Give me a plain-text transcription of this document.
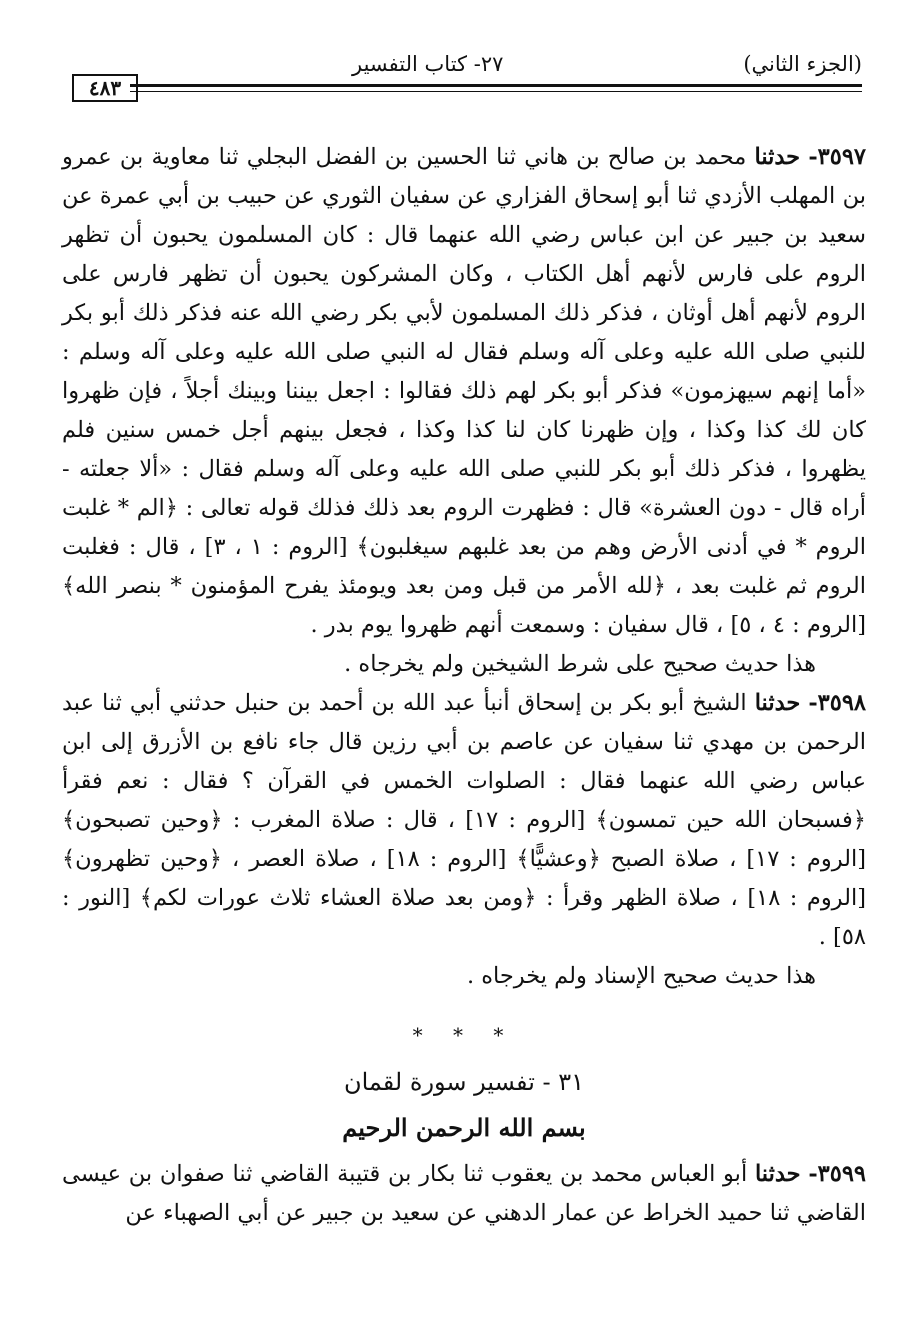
(الجزء الثاني)
٢٧- كتاب التفسير
٤٨٣

٣٥٩٧- حدثنا محمد بن صالح بن هاني ثنا الحسين بن الفضل البجلي ثنا معاوية بن عمرو بن المهلب الأزدي ثنا أبو إسحاق الفزاري عن سفيان الثوري عن حبيب بن أبي عمرة عن سعيد بن جبير عن ابن عباس رضي الله عنهما قال : كان المسلمون يحبون أن تظهر الروم على فارس لأنهم أهل الكتاب ، وكان المشركون يحبون أن تظهر فارس على الروم لأنهم أهل أوثان ، فذكر ذلك المسلمون لأبي بكر رضي الله عنه فذكر ذلك أبو بكر للنبي صلى الله عليه وعلى آله وسلم فقال له النبي صلى الله عليه وعلى آله وسلم : «أما إنهم سيهزمون» فذكر أبو بكر لهم ذلك فقالوا : اجعل بيننا وبينك أجلاً ، فإن ظهروا كان لك كذا وكذا ، وإن ظهرنا كان لنا كذا وكذا ، فجعل بينهم أجل خمس سنين فلم يظهروا ، فذكر ذلك أبو بكر للنبي صلى الله عليه وعلى آله وسلم فقال : «ألا جعلته - أراه قال - دون العشرة» قال : فظهرت الروم بعد ذلك فذلك قوله تعالى : ﴿الم * غلبت الروم * في أدنى الأرض وهم من بعد غلبهم سيغلبون﴾ [الروم : ١ ، ٣] ، قال : فغلبت الروم ثم غلبت بعد ، ﴿لله الأمر من قبل ومن بعد ويومئذ يفرح المؤمنون * بنصر الله﴾ [الروم : ٤ ، ٥] ، قال سفيان : وسمعت أنهم ظهروا يوم بدر .

هذا حديث صحيح على شرط الشيخين ولم يخرجاه .

٣٥٩٨- حدثنا الشيخ أبو بكر بن إسحاق أنبأ عبد الله بن أحمد بن حنبل حدثني أبي ثنا عبد الرحمن بن مهدي ثنا سفيان عن عاصم بن أبي رزين قال جاء نافع بن الأزرق إلى ابن عباس رضي الله عنهما فقال : الصلوات الخمس في القرآن ؟ فقال : نعم فقرأ ﴿فسبحان الله حين تمسون﴾ [الروم : ١٧] ، قال : صلاة المغرب : ﴿وحين تصبحون﴾ [الروم : ١٧] ، صلاة الصبح ﴿وعشيًّا﴾ [الروم : ١٨] ، صلاة العصر ، ﴿وحين تظهرون﴾ [الروم : ١٨] ، صلاة الظهر وقرأ : ﴿ومن بعد صلاة العشاء ثلاث عورات لكم﴾ [النور : ٥٨] .

هذا حديث صحيح الإسناد ولم يخرجاه .

* * *
٣١ - تفسير سورة لقمان
بسم الله الرحمن الرحيم

٣٥٩٩- حدثنا أبو العباس محمد بن يعقوب ثنا بكار بن قتيبة القاضي ثنا صفوان بن عيسى القاضي ثنا حميد الخراط عن عمار الدهني عن سعيد بن جبير عن أبي الصهباء عن
